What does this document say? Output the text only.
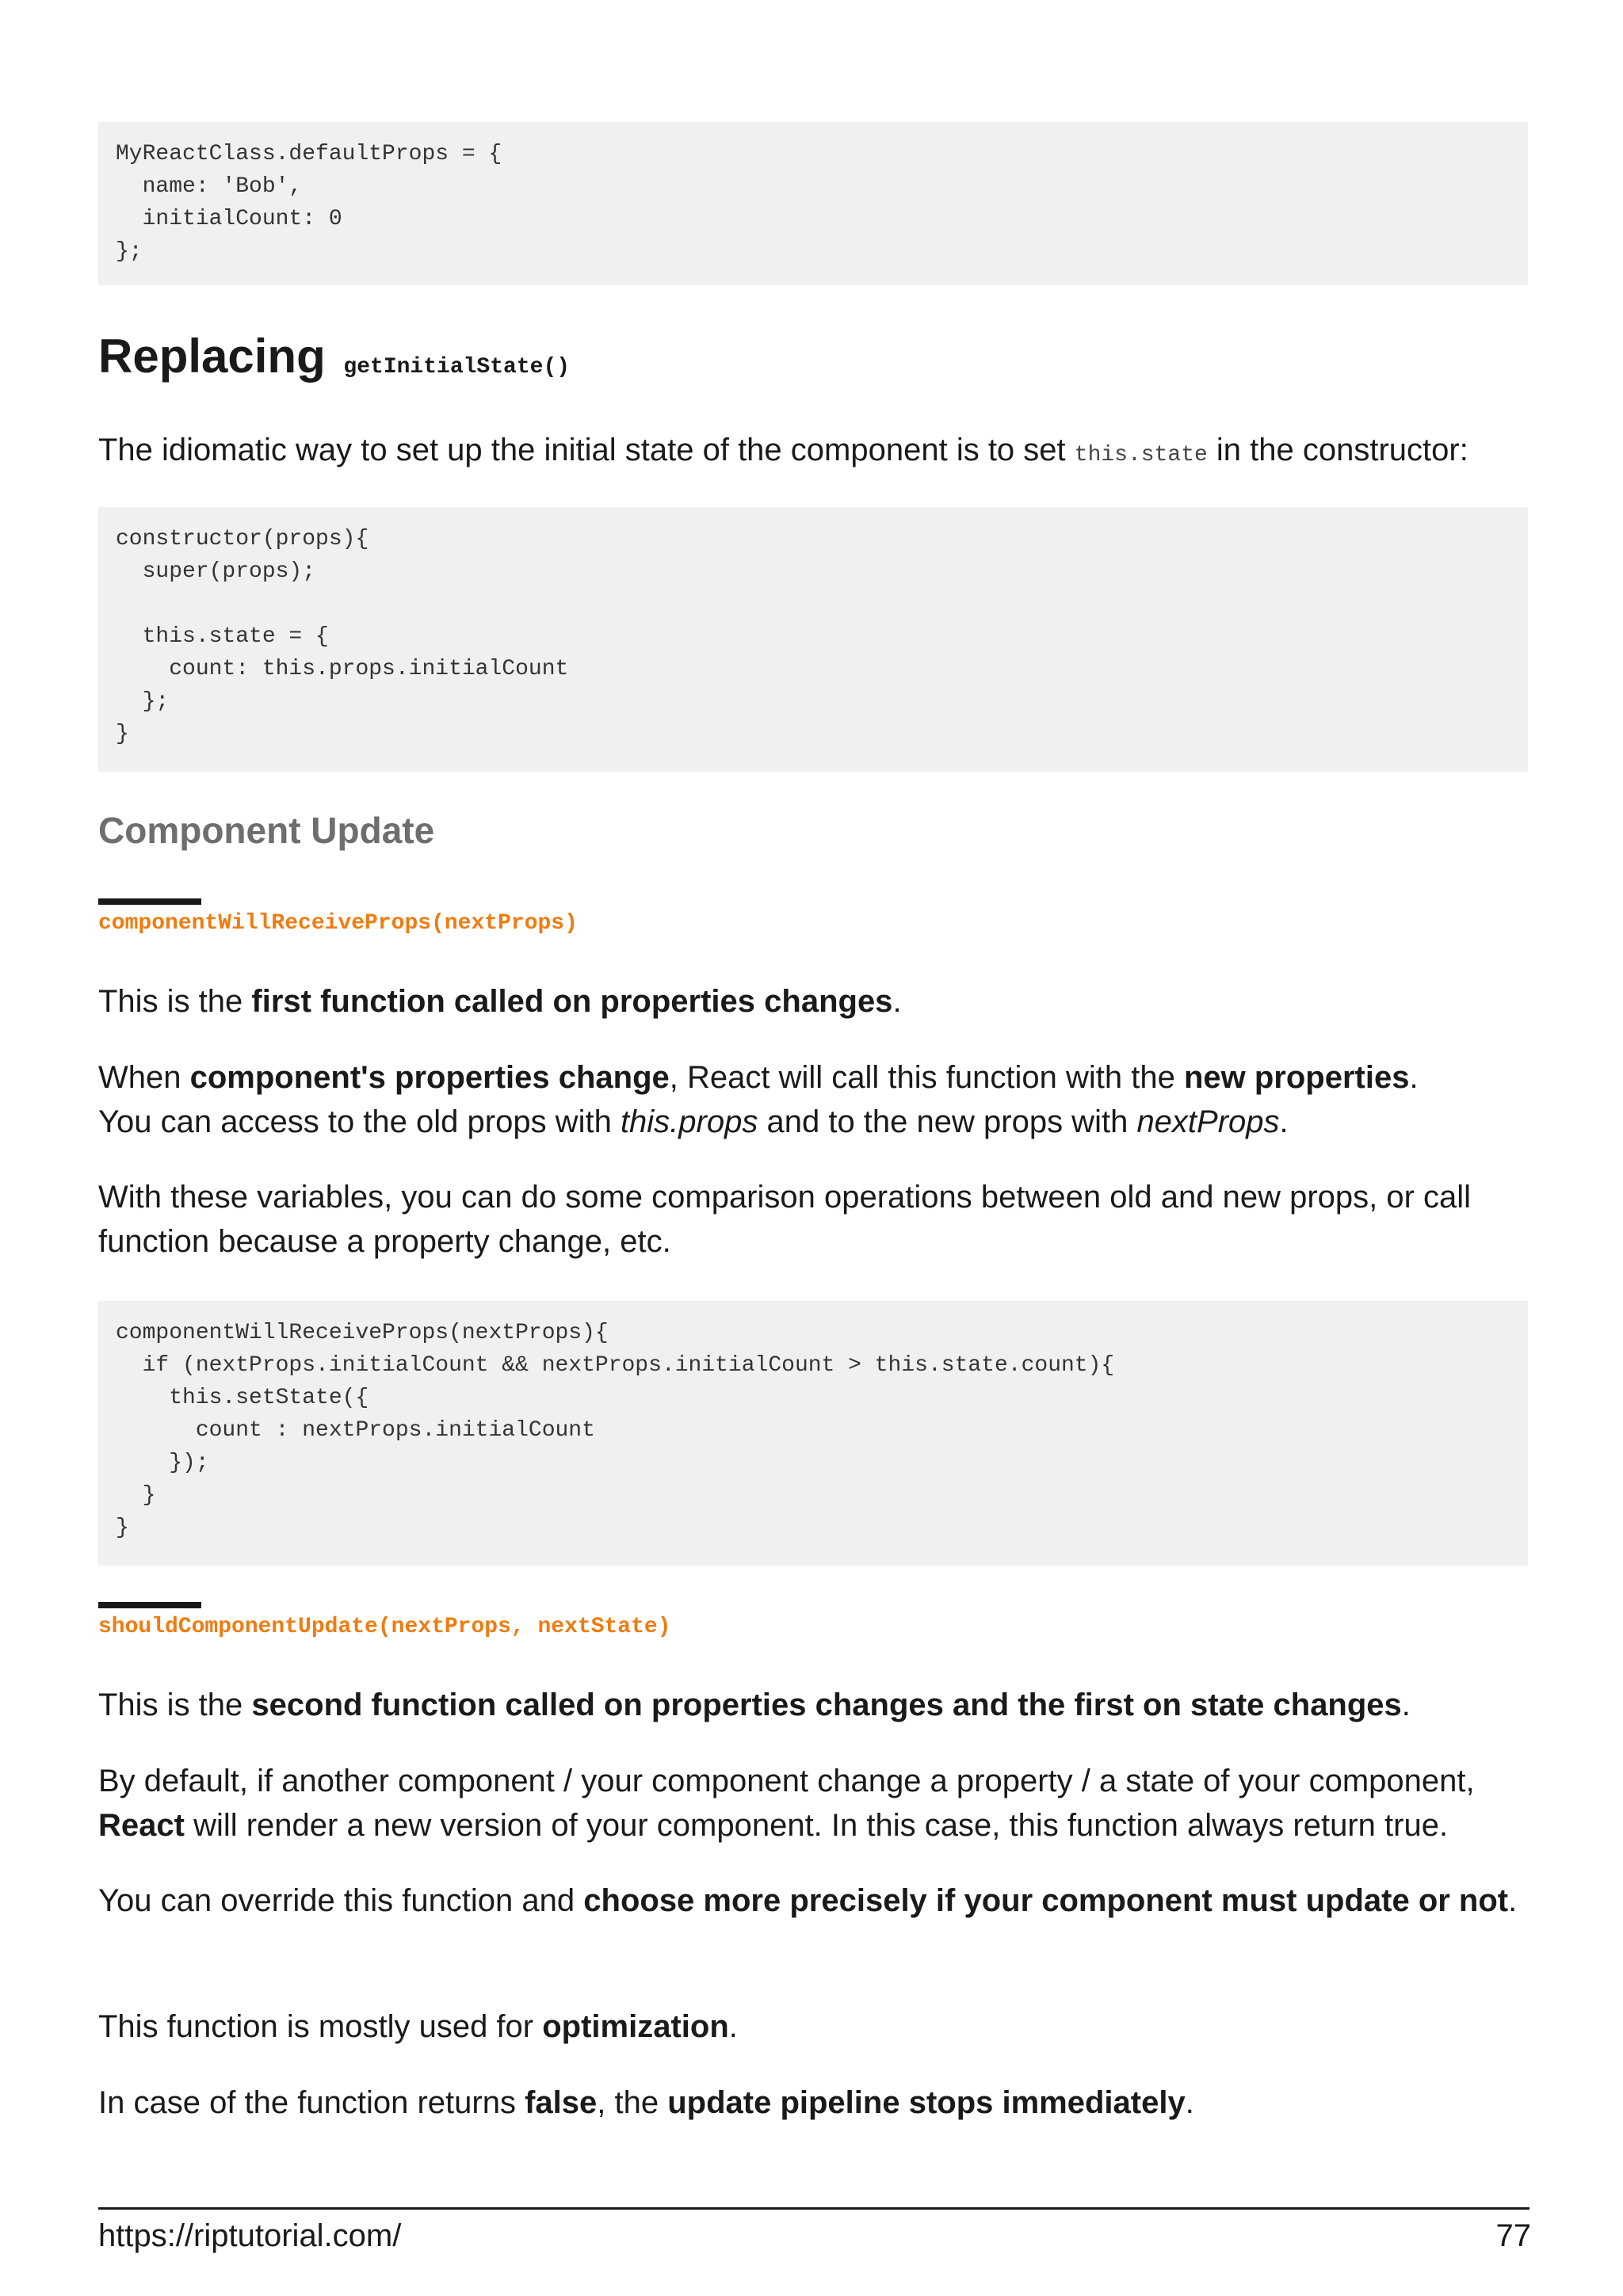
MyReactClass.defaultProps = {
name: 'Bob',
initialCount: 0
};
Replacing getInitialState()

The idiomatic way to set up the initial state of the component is to set this.state in the constructor:

constructor(props){
super(props);

this.state = {
count: this.props.initialCount
};
}
Component Update
componentWillReceiveProps(nextProps)

This is the first function called on properties changes.

When component's properties change, React will call this function with the new properties.
You can access to the old props with this.props and to the new props with nextProps.

With these variables, you can do some comparison operations between old and new props, or call function because a property change, etc.

componentWillReceiveProps(nextProps){
if (nextProps.initialCount && nextProps.initialCount > this.state.count){
this.setState({
count : nextProps.initialCount
});
}
}
shouldComponentUpdate(nextProps, nextState)

This is the second function called on properties changes and the first on state changes.

By default, if another component / your component change a property / a state of your component, React will render a new version of your component. In this case, this function always return true.

You can override this function and choose more precisely if your component must update or not.

This function is mostly used for optimization.

In case of the function returns false, the update pipeline stops immediately.

https://riptutorial.com/	77
